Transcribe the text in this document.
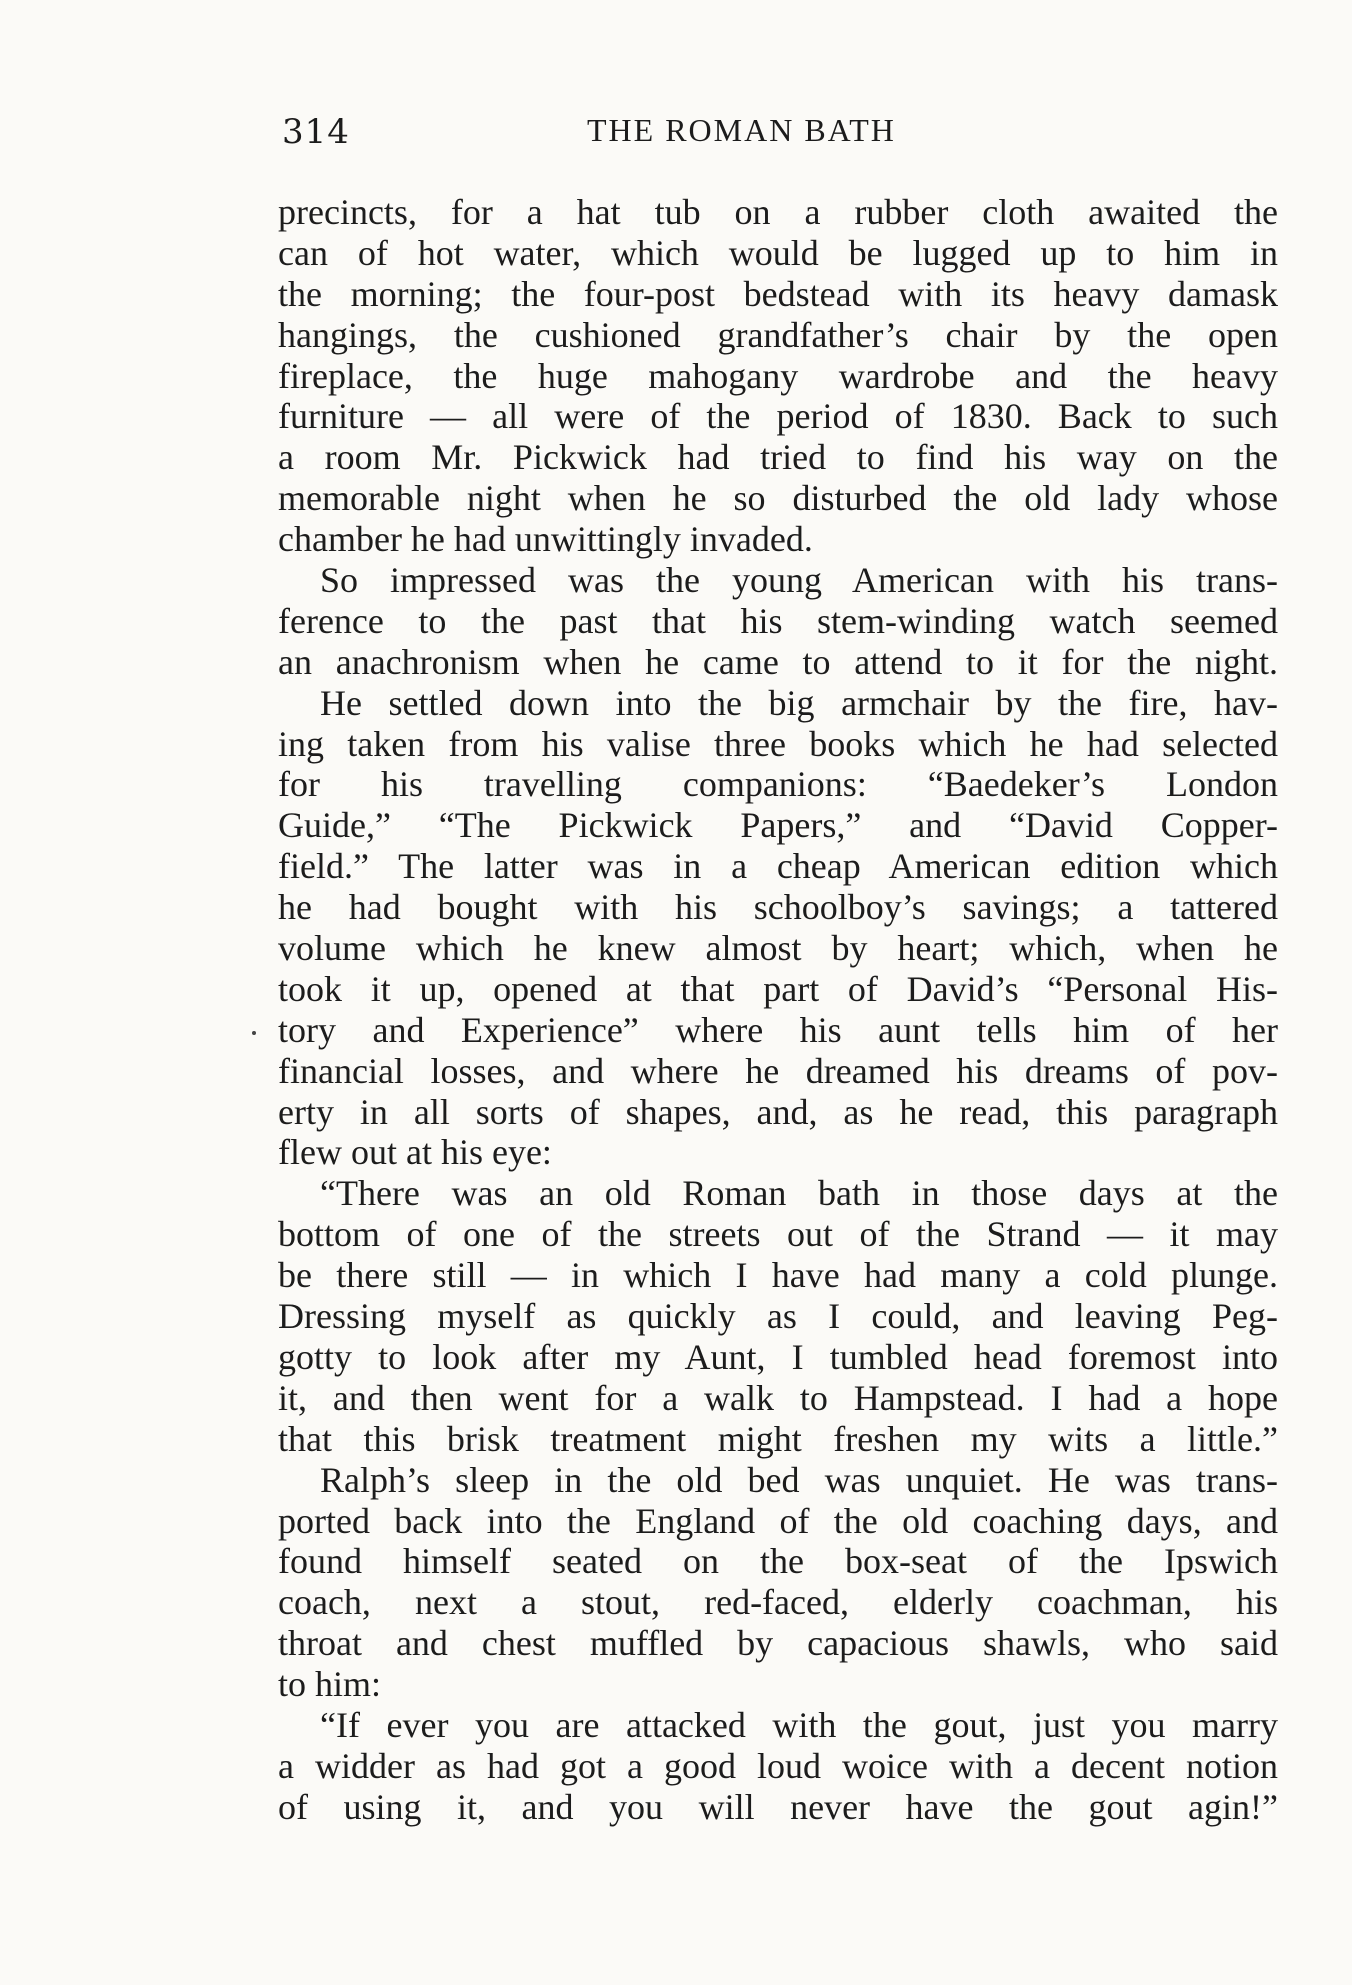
314	THE ROMAN BATH
precincts, for a hat tub on a rubber cloth awaited the
can of hot water, which would be lugged up to him in
the morning; the four-post bedstead with its heavy damask
hangings, the cushioned grandfather’s chair by the open
fireplace, the huge mahogany wardrobe and the heavy
furniture — all were of the period of 1830. Back to such
a room Mr. Pickwick had tried to find his way on the
memorable night when he so disturbed the old lady whose
chamber he had unwittingly invaded.
So impressed was the young American with his trans-
ference to the past that his stem-winding watch seemed
an anachronism when he came to attend to it for the night.
He settled down into the big armchair by the fire, hav-
ing taken from his valise three books which he had selected
for his travelling companions: “Baedeker’s London
Guide,” “The Pickwick Papers,” and “David Copper-
field.” The latter was in a cheap American edition which
he had bought with his schoolboy’s savings; a tattered
volume which he knew almost by heart; which, when he
took it up, opened at that part of David’s “Personal His-
tory and Experience” where his aunt tells him of her
financial losses, and where he dreamed his dreams of pov-
erty in all sorts of shapes, and, as he read, this paragraph
flew out at his eye:
“There was an old Roman bath in those days at the
bottom of one of the streets out of the Strand — it may
be there still — in which I have had many a cold plunge.
Dressing myself as quickly as I could, and leaving Peg-
gotty to look after my Aunt, I tumbled head foremost into
it, and then went for a walk to Hampstead. I had a hope
that this brisk treatment might freshen my wits a little.”
Ralph’s sleep in the old bed was unquiet. He was trans-
ported back into the England of the old coaching days, and
found himself seated on the box-seat of the Ipswich
coach, next a stout, red-faced, elderly coachman, his
throat and chest muffled by capacious shawls, who said
to him:
“If ever you are attacked with the gout, just you marry
a widder as had got a good loud woice with a decent notion
of using it, and you will never have the gout agin!”
